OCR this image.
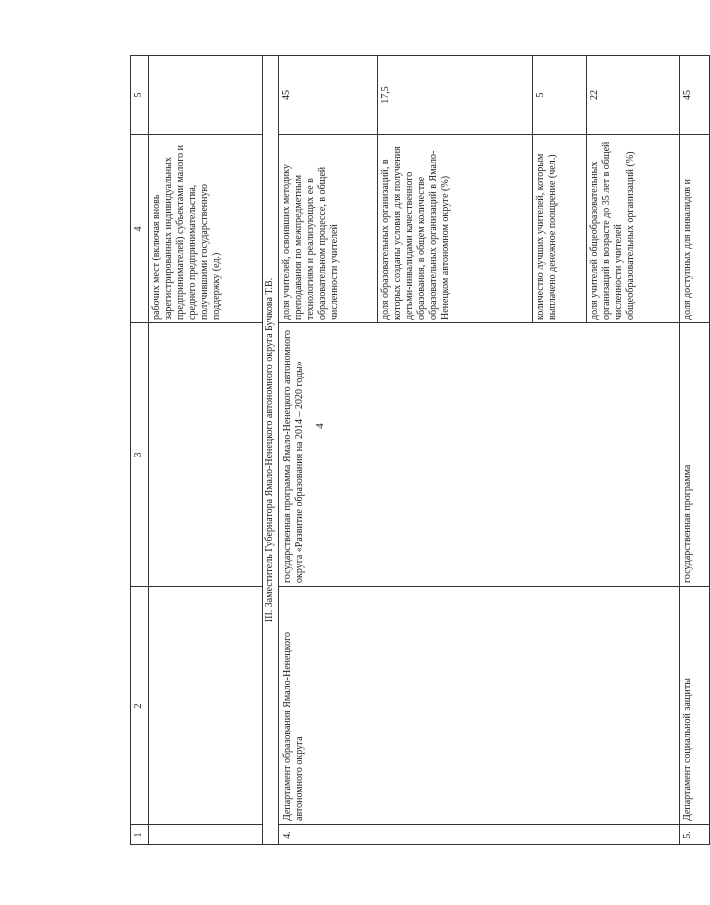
4
1
2
3
4
5
рабочих мест (включая вновь зарегистрированных индивидуальных предпринимателей) субъектами малого и среднего предпринимательства, получившими государственную поддержку (ед.)	III. Заместитель Губернатора Ямало-Ненецкого автономного округа Бучкова Т.В.
4.
Департамент образования Ямало-Ненецкого автономного округа
государственная программа Ямало-Ненецкого автономного округа «Развитие образования на 2014 – 2020 годы»
доля учителей, освоивших методику преподавания по межпредметным технологиям и реализующих ее в образовательном процессе, в общей численности учителей
45
доля образовательных организаций, в которых созданы условия для получения детьми-инвалидами качественного образования, в общем количестве образовательных организаций в Ямало-Ненецком автономном округе (%)
17,5
количество лучших учителей, которым выплачено денежное поощрение (чел.)
5
доля учителей общеобразовательных организаций в возрасте до 35 лет в общей численности учителей общеобразовательных организаций (%)
22
5.
Департамент социальной защиты
государственная программа
доля доступных для инвалидов и
45
